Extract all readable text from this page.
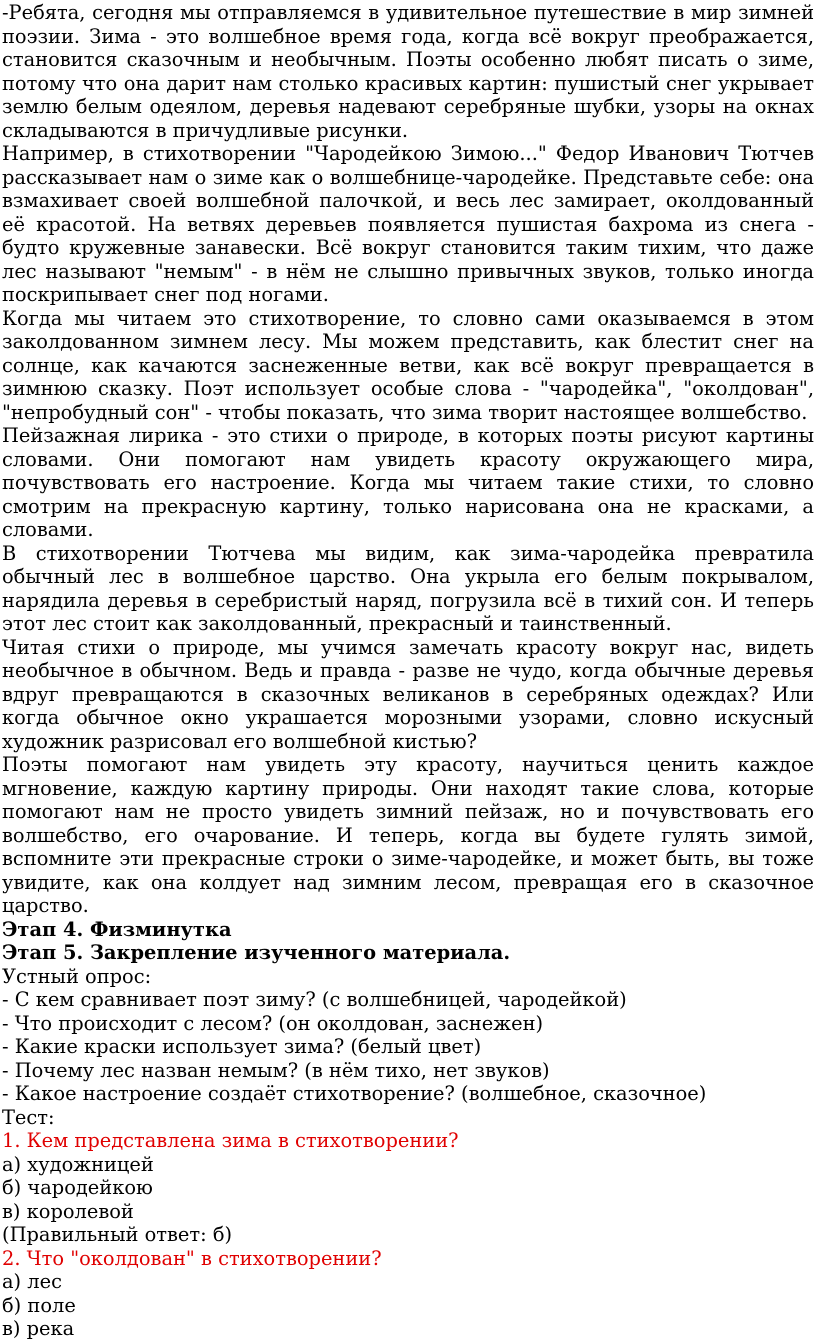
-Ребята, сегодня мы отправляемся в удивительное путешествие в мир зимней поэзии. Зима - это волшебное время года, когда всё вокруг преображается, становится сказочным и необычным. Поэты особенно любят писать о зиме, потому что она дарит нам столько красивых картин: пушистый снег укрывает землю белым одеялом, деревья надевают серебряные шубки, узоры на окнах складываются в причудливые рисунки.

Например, в стихотворении "Чародейкою Зимою..." Федор Иванович Тютчев рассказывает нам о зиме как о волшебнице-чародейке. Представьте себе: она взмахивает своей волшебной палочкой, и весь лес замирает, околдованный её красотой. На ветвях деревьев появляется пушистая бахрома из снега - будто кружевные занавески. Всё вокруг становится таким тихим, что даже лес называют "немым" - в нём не слышно привычных звуков, только иногда поскрипывает снег под ногами.

Когда мы читаем это стихотворение, то словно сами оказываемся в этом заколдованном зимнем лесу. Мы можем представить, как блестит снег на солнце, как качаются заснеженные ветви, как всё вокруг превращается в зимнюю сказку. Поэт использует особые слова - "чародейка", "околдован", "непробудный сон" - чтобы показать, что зима творит настоящее волшебство.

Пейзажная лирика - это стихи о природе, в которых поэты рисуют картины словами. Они помогают нам увидеть красоту окружающего мира, почувствовать его настроение. Когда мы читаем такие стихи, то словно смотрим на прекрасную картину, только нарисована она не красками, а словами.

В стихотворении Тютчева мы видим, как зима-чародейка превратила обычный лес в волшебное царство. Она укрыла его белым покрывалом, нарядила деревья в серебристый наряд, погрузила всё в тихий сон. И теперь этот лес стоит как заколдованный, прекрасный и таинственный.

Читая стихи о природе, мы учимся замечать красоту вокруг нас, видеть необычное в обычном. Ведь и правда - разве не чудо, когда обычные деревья вдруг превращаются в сказочных великанов в серебряных одеждах? Или когда обычное окно украшается морозными узорами, словно искусный художник разрисовал его волшебной кистью?

Поэты помогают нам увидеть эту красоту, научиться ценить каждое мгновение, каждую картину природы. Они находят такие слова, которые помогают нам не просто увидеть зимний пейзаж, но и почувствовать его волшебство, его очарование. И теперь, когда вы будете гулять зимой, вспомните эти прекрасные строки о зиме-чародейке, и может быть, вы тоже увидите, как она колдует над зимним лесом, превращая его в сказочное царство.

Этап 4. Физминутка

Этап 5. Закрепление изученного материала.

Устный опрос:

- С кем сравнивает поэт зиму? (с волшебницей, чародейкой)

- Что происходит с лесом? (он околдован, заснежен)

- Какие краски использует зима? (белый цвет)

- Почему лес назван немым? (в нём тихо, нет звуков)

- Какое настроение создаёт стихотворение? (волшебное, сказочное)

Тест:

1. Кем представлена зима в стихотворении?

а) художницей

б) чародейкою

в) королевой

(Правильный ответ: б)

2. Что "околдован" в стихотворении?

а) лес

б) поле

в) река
